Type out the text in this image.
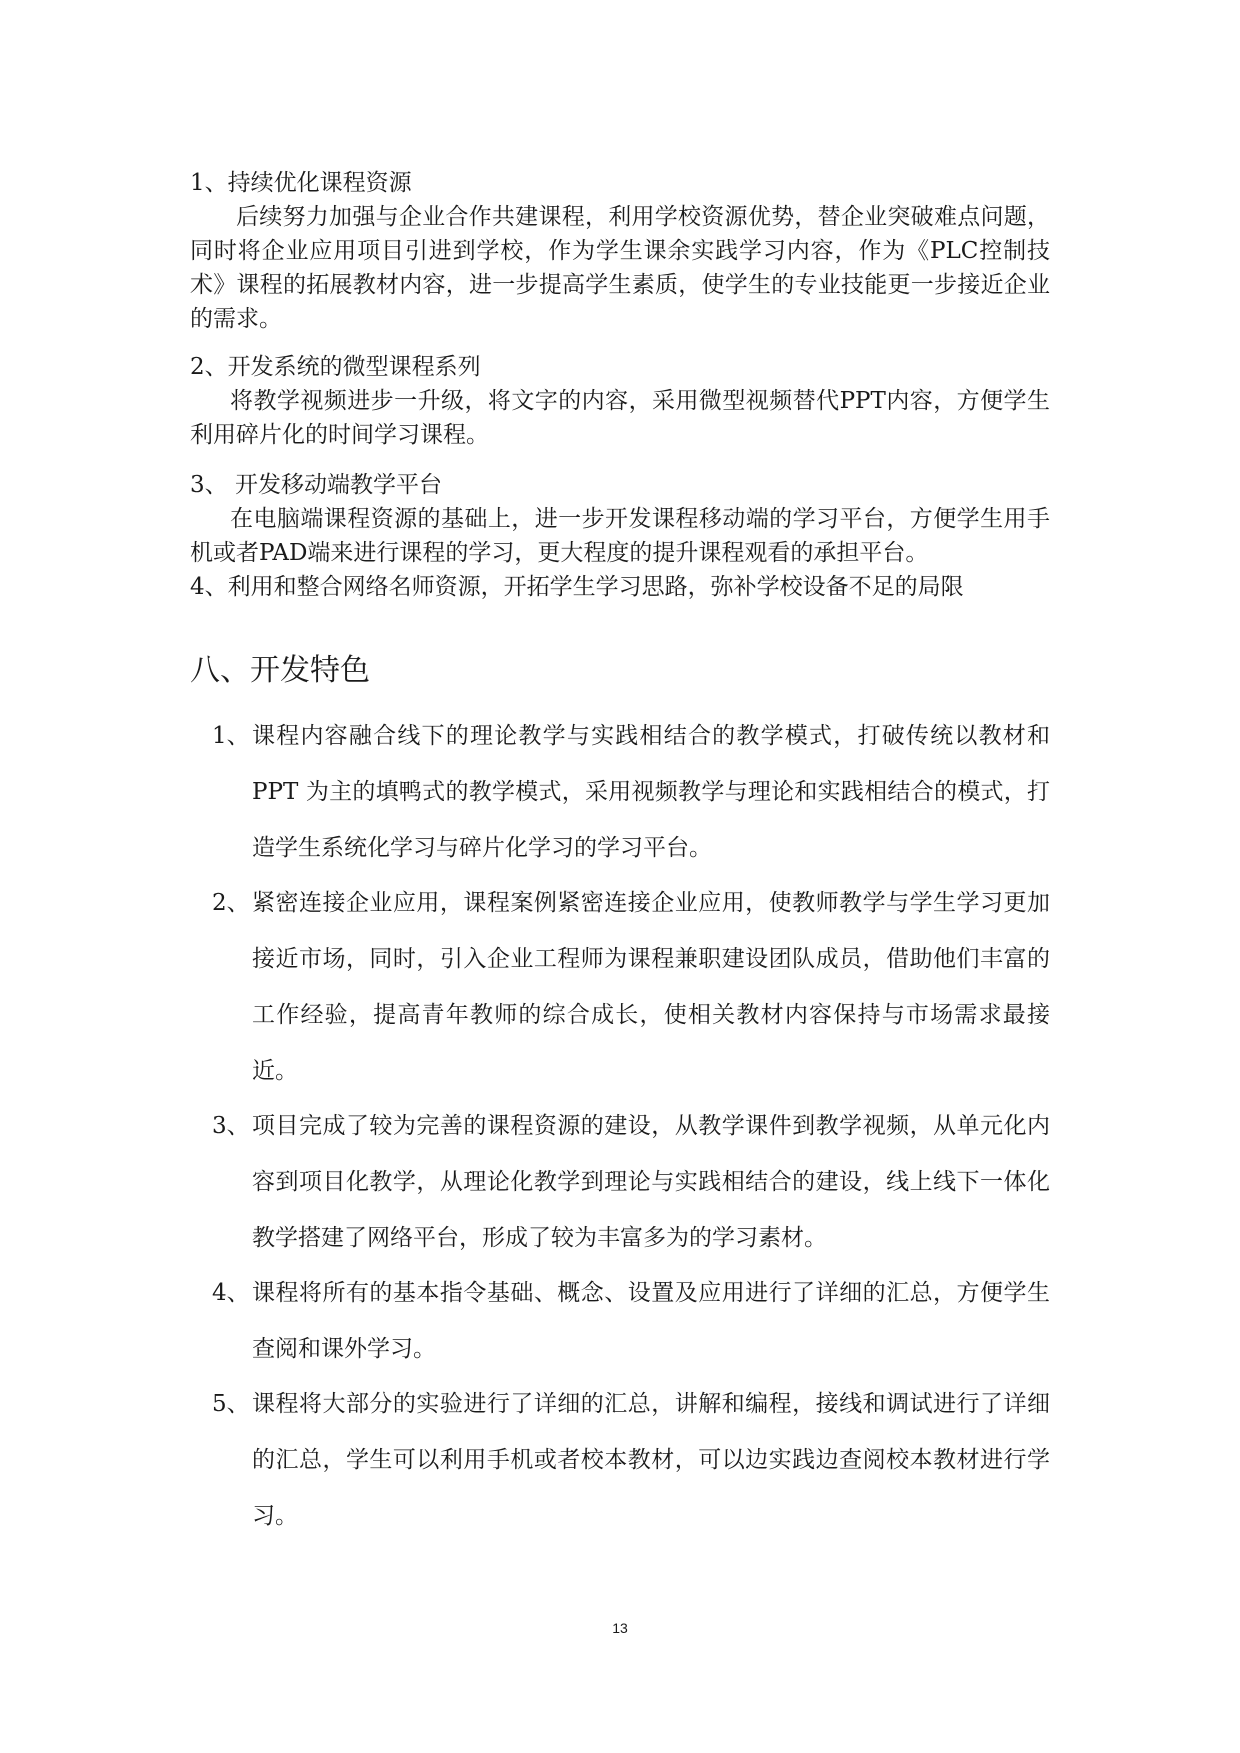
1、持续优化课程资源
后续努力加强与企业合作共建课程，利用学校资源优势，替企业突破难点问题，同时将企业应用项目引进到学校，作为学生课余实践学习内容，作为《PLC控制技术》课程的拓展教材内容，进一步提高学生素质，使学生的专业技能更一步接近企业的需求。
2、开发系统的微型课程系列
将教学视频进步一升级，将文字的内容，采用微型视频替代PPT内容，方便学生利用碎片化的时间学习课程。
3、 开发移动端教学平台
在电脑端课程资源的基础上，进一步开发课程移动端的学习平台，方便学生用手机或者PAD端来进行课程的学习，更大程度的提升课程观看的承担平台。
4、利用和整合网络名师资源，开拓学生学习思路，弥补学校设备不足的局限
八、开发特色
1、 课程内容融合线下的理论教学与实践相结合的教学模式，打破传统以教材和 PPT 为主的填鸭式的教学模式，采用视频教学与理论和实践相结合的模式，打造学生系统化学习与碎片化学习的学习平台。
2、 紧密连接企业应用，课程案例紧密连接企业应用，使教师教学与学生学习更加接近市场，同时，引入企业工程师为课程兼职建设团队成员，借助他们丰富的工作经验，提高青年教师的综合成长，使相关教材内容保持与市场需求最接近。
3、 项目完成了较为完善的课程资源的建设，从教学课件到教学视频，从单元化内容到项目化教学，从理论化教学到理论与实践相结合的建设，线上线下一体化教学搭建了网络平台，形成了较为丰富多为的学习素材。
4、 课程将所有的基本指令基础、概念、设置及应用进行了详细的汇总，方便学生查阅和课外学习。
5、 课程将大部分的实验进行了详细的汇总，讲解和编程，接线和调试进行了详细的汇总，学生可以利用手机或者校本教材，可以边实践边查阅校本教材进行学习。
13
